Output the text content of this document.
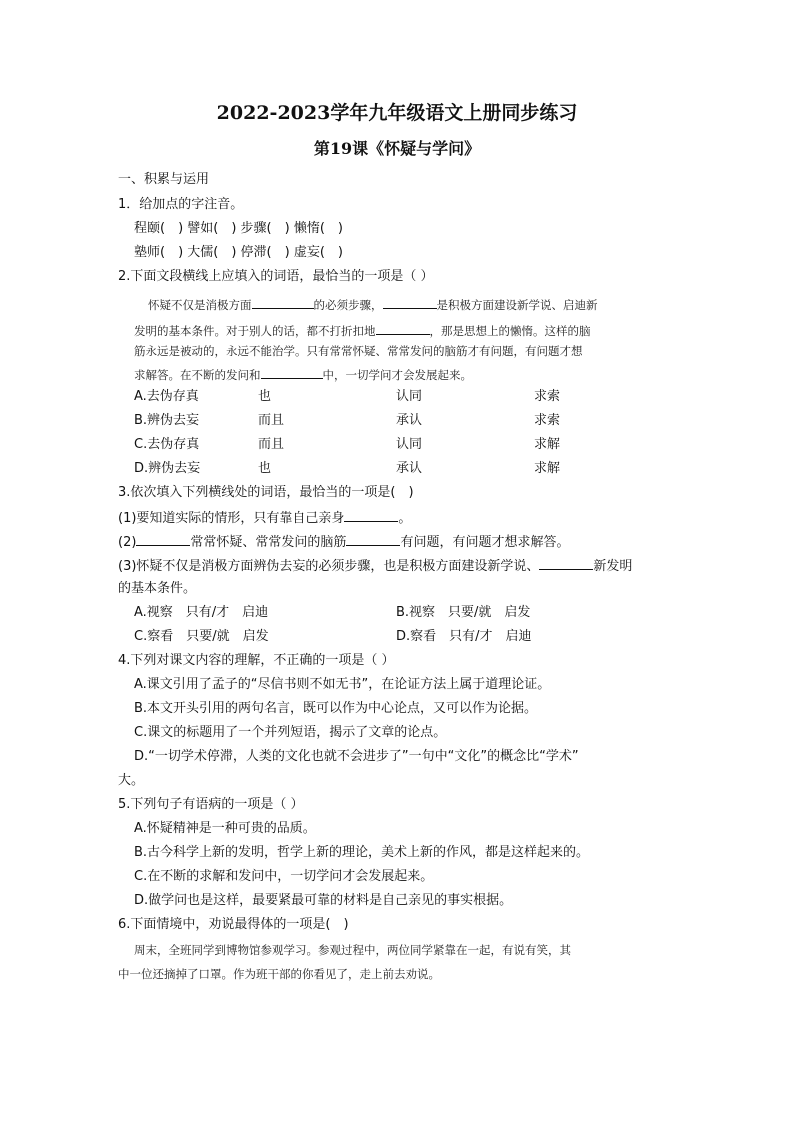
2022-2023学年九年级语文上册同步练习
第19课《怀疑与学问》
一、积累与运用
1．给加点的字注音。
程颐(　) 譬如(　) 步骤(　) 懒惰(　)
塾师(　) 大儒(　) 停滞(　) 虚妄(　)
2.下面文段横线上应填入的词语，最恰当的一项是（ ）
怀疑不仅是消极方面	的必须步骤，	是积极方面建设新学说、启迪新
发明的基本条件。对于别人的话，都不打折扣地	，那是思想上的懒惰。这样的脑
筋永远是被动的，永远不能治学。只有常常怀疑、常常发问的脑筋才有问题，有问题才想
求解答。在不断的发问和	中，一切学问才会发展起来。
A.去伪存真	也	认同	求索
B.辨伪去妄	而且	承认	求索
C.去伪存真	而且	认同	求解
D.辨伪去妄	也	承认	求解
3.依次填入下列横线处的词语，最恰当的一项是(　)
(1)要知道实际的情形，只有靠自己亲身	。
(2)	常常怀疑、常常发问的脑筋	有问题，有问题才想求解答。
(3)怀疑不仅是消极方面辨伪去妄的必须步骤，也是积极方面建设新学说、	新发明
的基本条件。
A.视察　只有/才　启迪	B.视察　只要/就　启发
C.察看　只要/就　启发	D.察看　只有/才　启迪
4.下列对课文内容的理解，不正确的一项是（ ）
A.课文引用了孟子的“尽信书则不如无书”，在论证方法上属于道理论证。
B.本文开头引用的两句名言，既可以作为中心论点，又可以作为论据。
C.课文的标题用了一个并列短语，揭示了文章的论点。
D.“一切学术停滞，人类的文化也就不会进步了”一句中“文化”的概念比“学术”
大。
5.下列句子有语病的一项是（ ）
A.怀疑精神是一种可贵的品质。
B.古今科学上新的发明，哲学上新的理论，美术上新的作风，都是这样起来的。
C.在不断的求解和发问中，一切学问才会发展起来。
D.做学问也是这样，最要紧最可靠的材料是自己亲见的事实根据。
6.下面情境中，劝说最得体的一项是(　)
周末，全班同学到博物馆参观学习。参观过程中，两位同学紧靠在一起，有说有笑，其
中一位还摘掉了口罩。作为班干部的你看见了，走上前去劝说。
